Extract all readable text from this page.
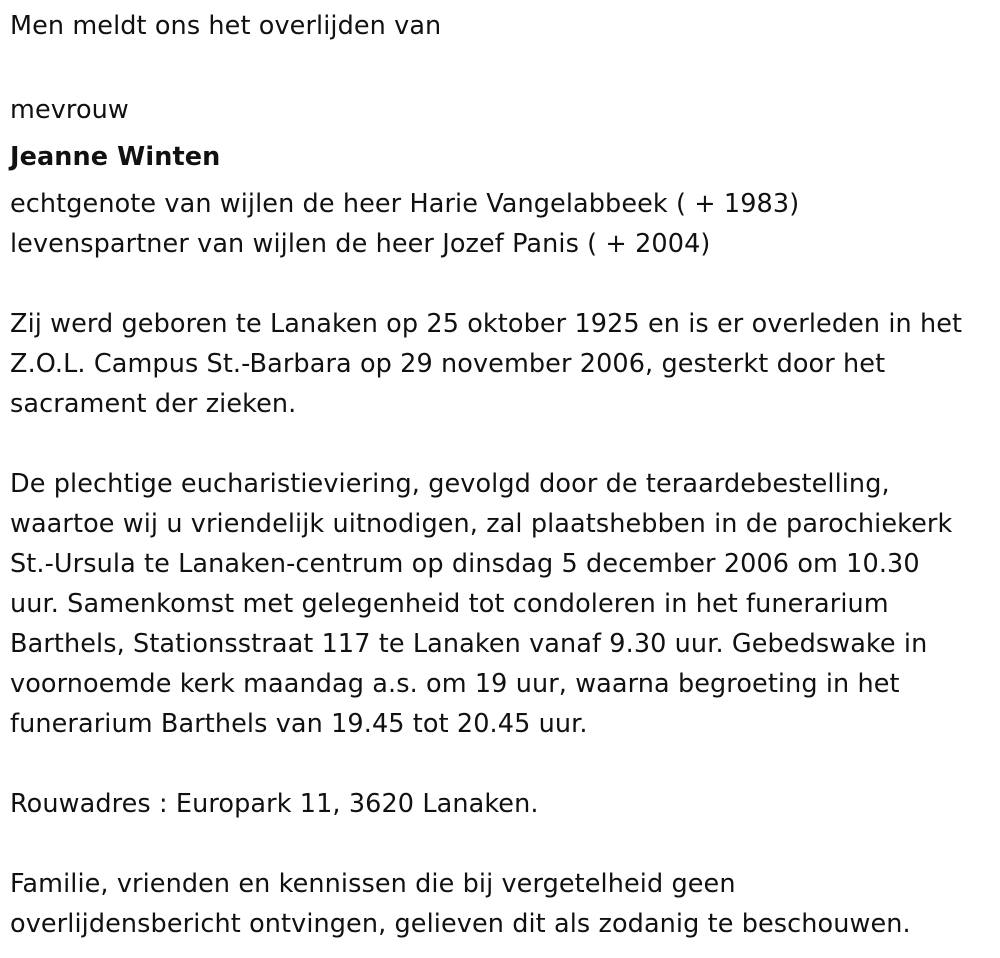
Men meldt ons het overlijden van
mevrouw
Jeanne Winten
echtgenote van wijlen de heer Harie Vangelabbeek ( + 1983)
levenspartner van wijlen de heer Jozef Panis ( + 2004)
Zij werd geboren te Lanaken op 25 oktober 1925 en is er overleden in het
Z.O.L. Campus St.-Barbara op 29 november 2006, gesterkt door het
sacrament der zieken.
De plechtige eucharistieviering, gevolgd door de teraardebestelling,
waartoe wij u vriendelijk uitnodigen, zal plaatshebben in de parochiekerk
St.-Ursula te Lanaken-centrum op dinsdag 5 december 2006 om 10.30
uur. Samenkomst met gelegenheid tot condoleren in het funerarium
Barthels, Stationsstraat 117 te Lanaken vanaf 9.30 uur. Gebedswake in
voornoemde kerk maandag a.s. om 19 uur, waarna begroeting in het
funerarium Barthels van 19.45 tot 20.45 uur.
Rouwadres : Europark 11, 3620 Lanaken.
Familie, vrienden en kennissen die bij vergetelheid geen
overlijdensbericht ontvingen, gelieven dit als zodanig te beschouwen.
